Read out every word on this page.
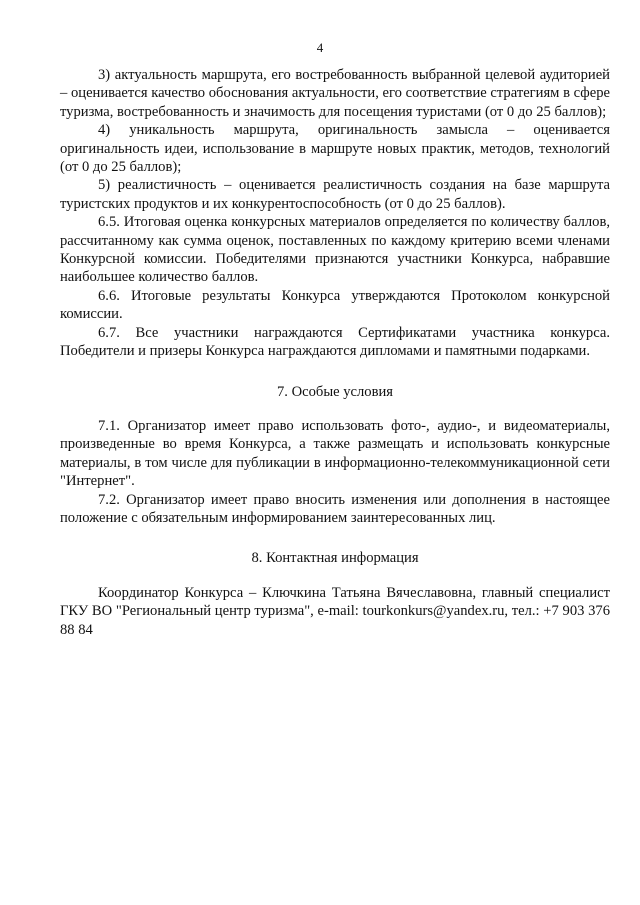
4

3) актуальность маршрута, его востребованность выбранной целевой аудиторией – оценивается качество обоснования актуальности, его соответствие стратегиям в сфере туризма, востребованность и значимость для посещения туристами (от 0 до 25 баллов);

4) уникальность маршрута, оригинальность замысла – оценивается оригинальность идеи, использование в маршруте новых практик, методов, технологий (от 0 до 25 баллов);

5) реалистичность – оценивается реалистичность создания на базе маршрута туристских продуктов и их конкурентоспособность (от 0 до 25 баллов).

6.5. Итоговая оценка конкурсных материалов определяется по количеству баллов, рассчитанному как сумма оценок, поставленных по каждому критерию всеми членами Конкурсной комиссии. Победителями признаются участники Конкурса, набравшие наибольшее количество баллов.

6.6. Итоговые результаты Конкурса утверждаются Протоколом конкурсной комиссии.

6.7. Все участники награждаются Сертификатами участника конкурса. Победители и призеры Конкурса награждаются дипломами и памятными подарками.

7. Особые условия

7.1. Организатор имеет право использовать фото-, аудио-, и видеоматериалы, произведенные во время Конкурса, а также размещать и использовать конкурсные материалы, в том числе для публикации в информационно-телекоммуникационной сети "Интернет".

7.2. Организатор имеет право вносить изменения или дополнения в настоящее положение с обязательным информированием заинтересованных лиц.

8. Контактная информация

Координатор Конкурса – Ключкина Татьяна Вячеславовна, главный специалист ГКУ ВО "Региональный центр туризма", e-mail: tourkonkurs@yandex.ru, тел.: +7 903 376 88 84
